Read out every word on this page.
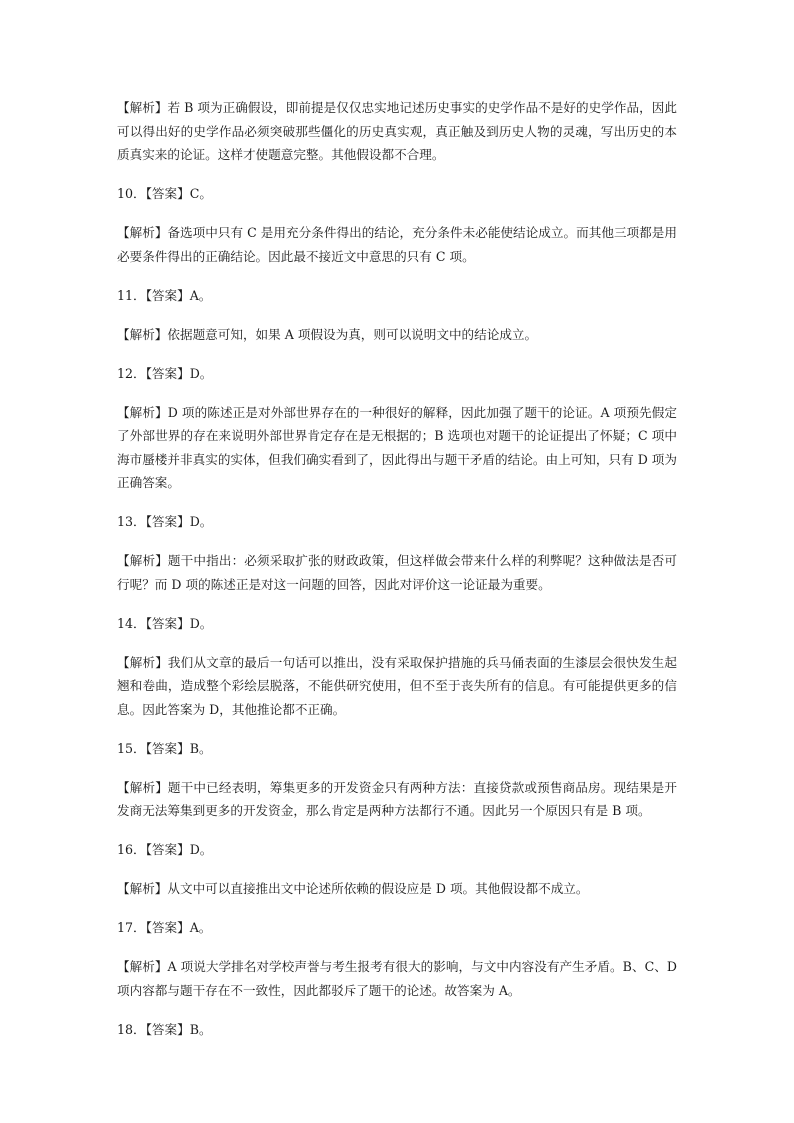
【解析】若 B 项为正确假设，即前提是仅仅忠实地记述历史事实的史学作品不是好的史学作品，因此可以得出好的史学作品必须突破那些僵化的历史真实观，真正触及到历史人物的灵魂，写出历史的本质真实来的论证。这样才使题意完整。其他假设都不合理。

10．【答案】C。

【解析】备选项中只有 C 是用充分条件得出的结论，充分条件未必能使结论成立。而其他三项都是用必要条件得出的正确结论。因此最不接近文中意思的只有 C 项。

11．【答案】A。

【解析】依据题意可知，如果 A 项假设为真，则可以说明文中的结论成立。

12．【答案】D。

【解析】D 项的陈述正是对外部世界存在的一种很好的解释，因此加强了题干的论证。A 项预先假定了外部世界的存在来说明外部世界肯定存在是无根据的；B 选项也对题干的论证提出了怀疑；C 项中海市蜃楼并非真实的实体，但我们确实看到了，因此得出与题干矛盾的结论。由上可知，只有 D 项为正确答案。

13．【答案】D。

【解析】题干中指出：必须采取扩张的财政政策，但这样做会带来什么样的利弊呢？这种做法是否可行呢？而 D 项的陈述正是对这一问题的回答，因此对评价这一论证最为重要。

14．【答案】D。

【解析】我们从文章的最后一句话可以推出，没有采取保护措施的兵马俑表面的生漆层会很快发生起翘和卷曲，造成整个彩绘层脱落，不能供研究使用，但不至于丧失所有的信息。有可能提供更多的信息。因此答案为 D，其他推论都不正确。

15．【答案】B。

【解析】题干中已经表明，筹集更多的开发资金只有两种方法：直接贷款或预售商品房。现结果是开发商无法筹集到更多的开发资金，那么肯定是两种方法都行不通。因此另一个原因只有是 B 项。

16．【答案】D。

【解析】从文中可以直接推出文中论述所依赖的假设应是 D 项。其他假设都不成立。

17．【答案】A。

【解析】A 项说大学排名对学校声誉与考生报考有很大的影响，与文中内容没有产生矛盾。B、C、D 项内容都与题干存在不一致性，因此都驳斥了题干的论述。故答案为 A。

18．【答案】B。
